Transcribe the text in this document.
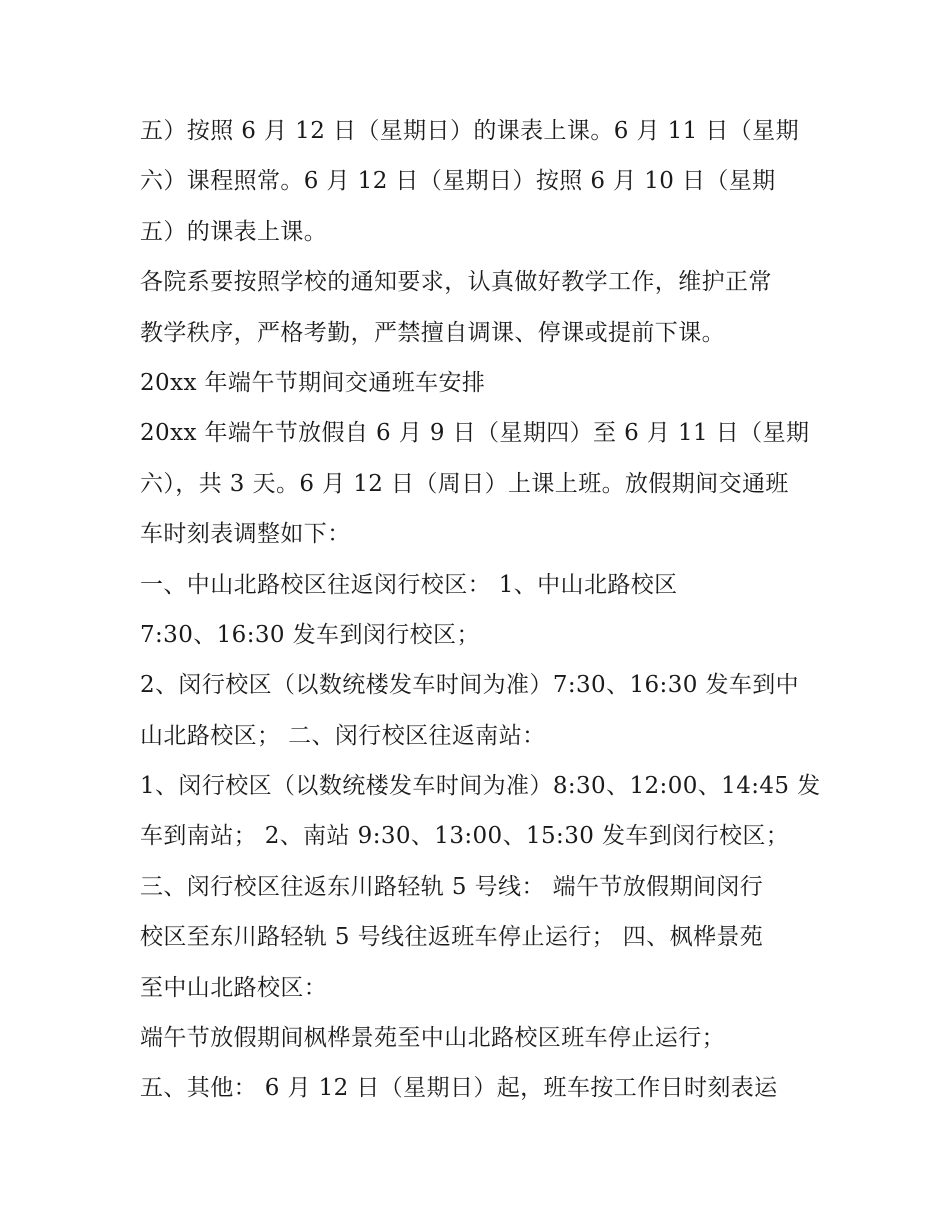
五）按照 6 月 12 日（星期日）的课表上课。6 月 11 日（星期
六）课程照常。6 月 12 日（星期日）按照 6 月 10 日（星期
五）的课表上课。
各院系要按照学校的通知要求，认真做好教学工作，维护正常
教学秩序，严格考勤，严禁擅自调课、停课或提前下课。
20xx 年端午节期间交通班车安排
20xx 年端午节放假自 6 月 9 日（星期四）至 6 月 11 日（星期
六），共 3 天。6 月 12 日（周日）上课上班。放假期间交通班
车时刻表调整如下：
一、中山北路校区往返闵行校区： 1、中山北路校区
7:30、16:30 发车到闵行校区；
2、闵行校区（以数统楼发车时间为准）7:30、16:30 发车到中
山北路校区； 二、闵行校区往返南站：
1、闵行校区（以数统楼发车时间为准）8:30、12:00、14:45 发
车到南站； 2、南站 9:30、13:00、15:30 发车到闵行校区；
三、闵行校区往返东川路轻轨 5 号线： 端午节放假期间闵行
校区至东川路轻轨 5 号线往返班车停止运行； 四、枫桦景苑
至中山北路校区：
端午节放假期间枫桦景苑至中山北路校区班车停止运行；
五、其他： 6 月 12 日（星期日）起，班车按工作日时刻表运
